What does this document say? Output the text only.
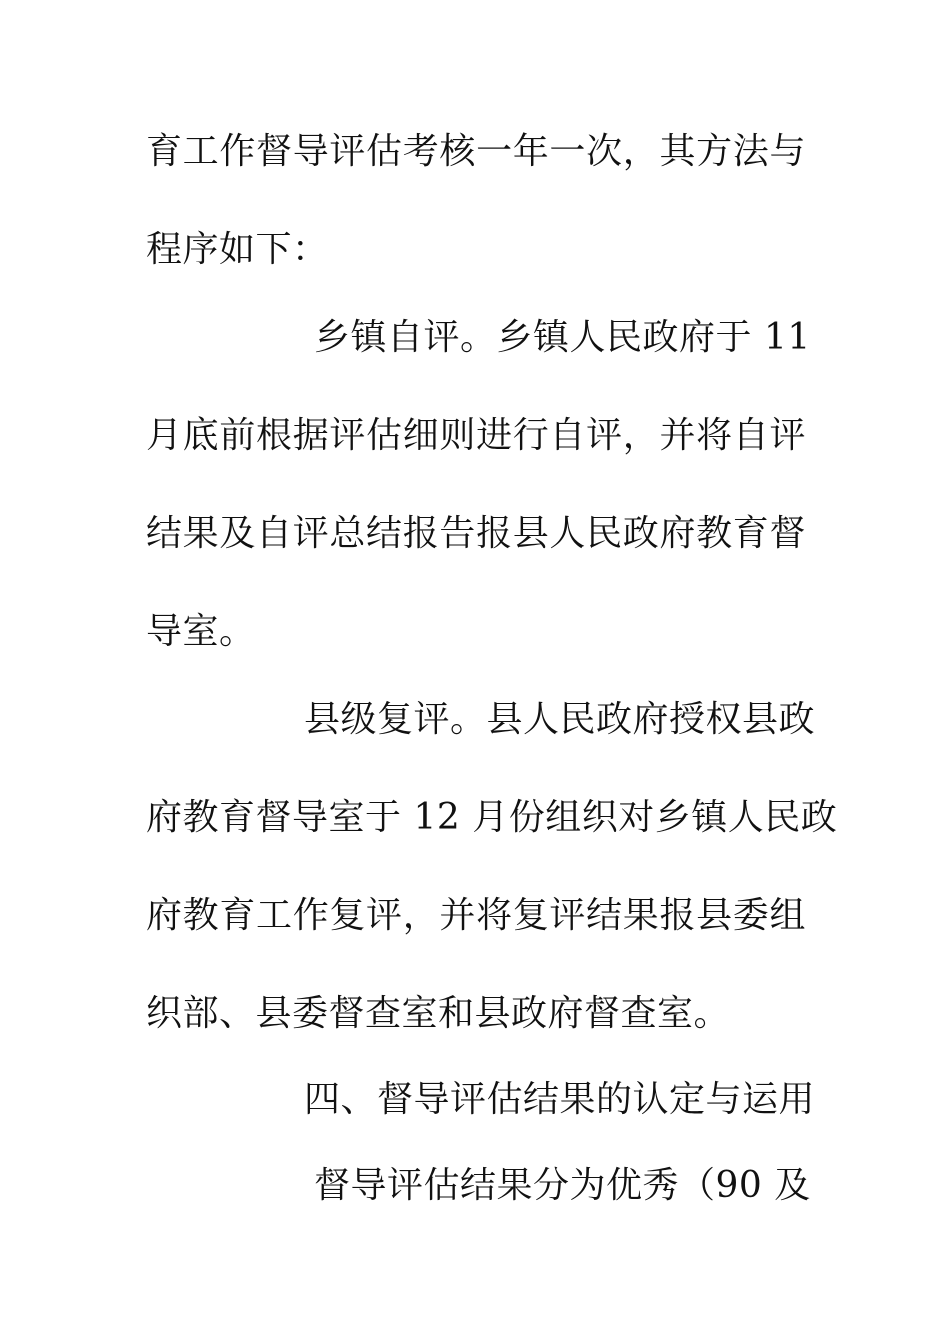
育工作督导评估考核一年一次，其方法与
程序如下：
乡镇自评。乡镇人民政府于 11
月底前根据评估细则进行自评，并将自评
结果及自评总结报告报县人民政府教育督
导室。
县级复评。县人民政府授权县政
府教育督导室于 12 月份组织对乡镇人民政
府教育工作复评，并将复评结果报县委组
织部、县委督查室和县政府督查室。
四、督导评估结果的认定与运用
督导评估结果分为优秀（90 及
